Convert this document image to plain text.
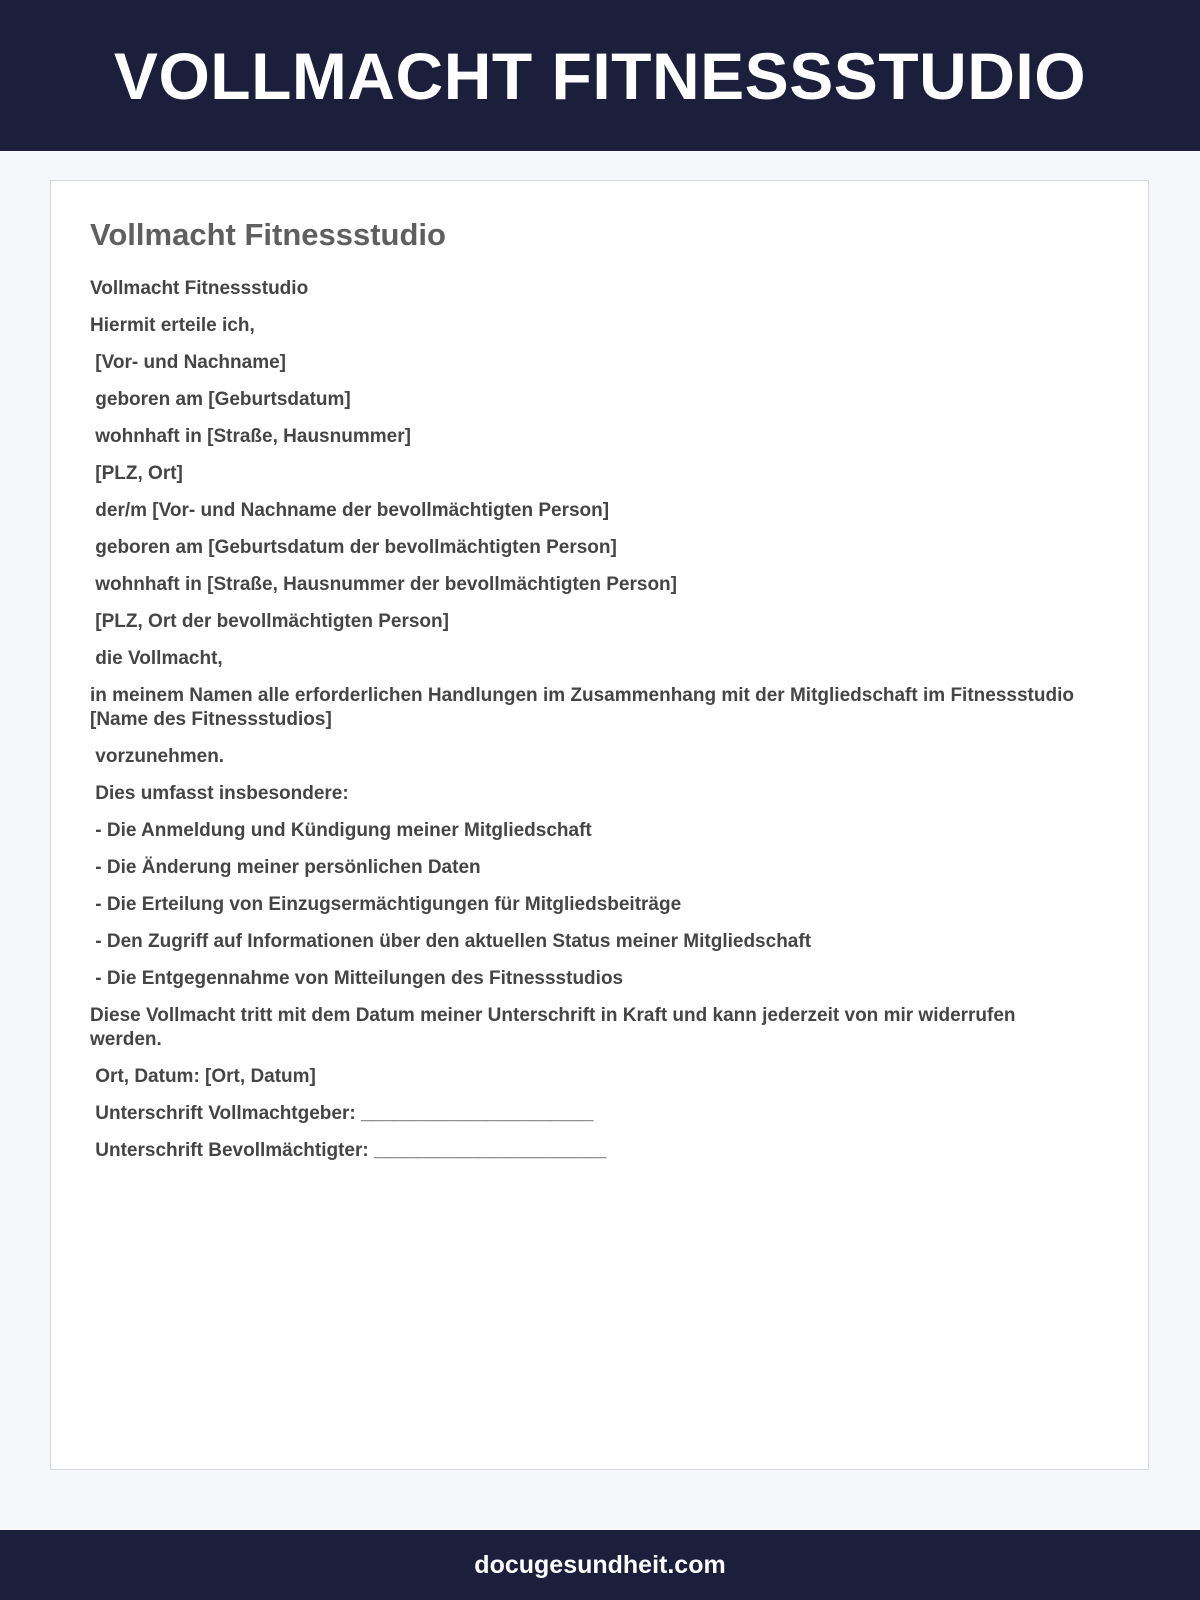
VOLLMACHT FITNESSSTUDIO
Vollmacht Fitnessstudio

Vollmacht Fitnessstudio

Hiermit erteile ich,

[Vor- und Nachname]

geboren am [Geburtsdatum]

wohnhaft in [Straße, Hausnummer]

[PLZ, Ort]

der/m [Vor- und Nachname der bevollmächtigten Person]

geboren am [Geburtsdatum der bevollmächtigten Person]

wohnhaft in [Straße, Hausnummer der bevollmächtigten Person]

[PLZ, Ort der bevollmächtigten Person]

die Vollmacht,

in meinem Namen alle erforderlichen Handlungen im Zusammenhang mit der Mitgliedschaft im Fitnessstudio [Name des Fitnessstudios]

vorzunehmen.

Dies umfasst insbesondere:

- Die Anmeldung und Kündigung meiner Mitgliedschaft

- Die Änderung meiner persönlichen Daten

- Die Erteilung von Einzugsermächtigungen für Mitgliedsbeiträge

- Den Zugriff auf Informationen über den aktuellen Status meiner Mitgliedschaft

- Die Entgegennahme von Mitteilungen des Fitnessstudios

Diese Vollmacht tritt mit dem Datum meiner Unterschrift in Kraft und kann jederzeit von mir widerrufen werden.

Ort, Datum: [Ort, Datum]

Unterschrift Vollmachtgeber: ______________________

Unterschrift Bevollmächtigter: ______________________

docugesundheit.com
